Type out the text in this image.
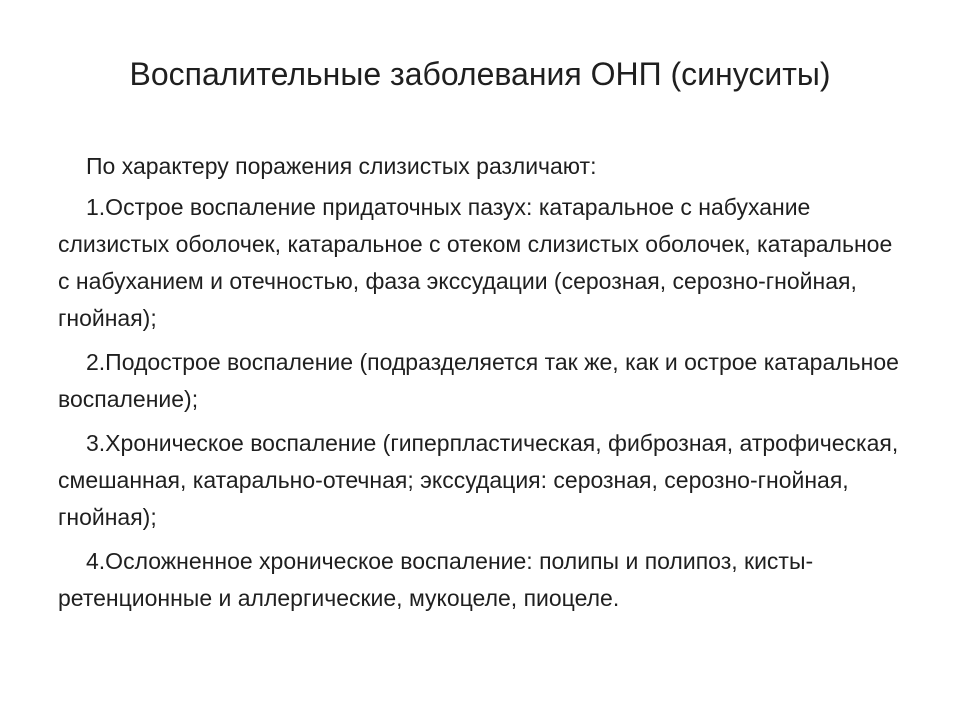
Воспалительные заболевания ОНП (синуситы)

По характеру поражения слизистых различают:

1.Острое воспаление придаточных пазух: катаральное с набухание слизистых оболочек, катаральное с отеком слизистых оболочек, катаральное с набуханием и отечностью, фаза экссудации (серозная, серозно-гнойная, гнойная);

2.Подострое воспаление (подразделяется так же, как и острое катаральное воспаление);

3.Хроническое воспаление (гиперпластическая, фиброзная, атрофическая, смешанная, катарально-отечная; экссудация: серозная, серозно-гнойная, гнойная);

4.Осложненное хроническое воспаление: полипы и полипоз, кисты- ретенционные и аллергические, мукоцеле, пиоцеле.
